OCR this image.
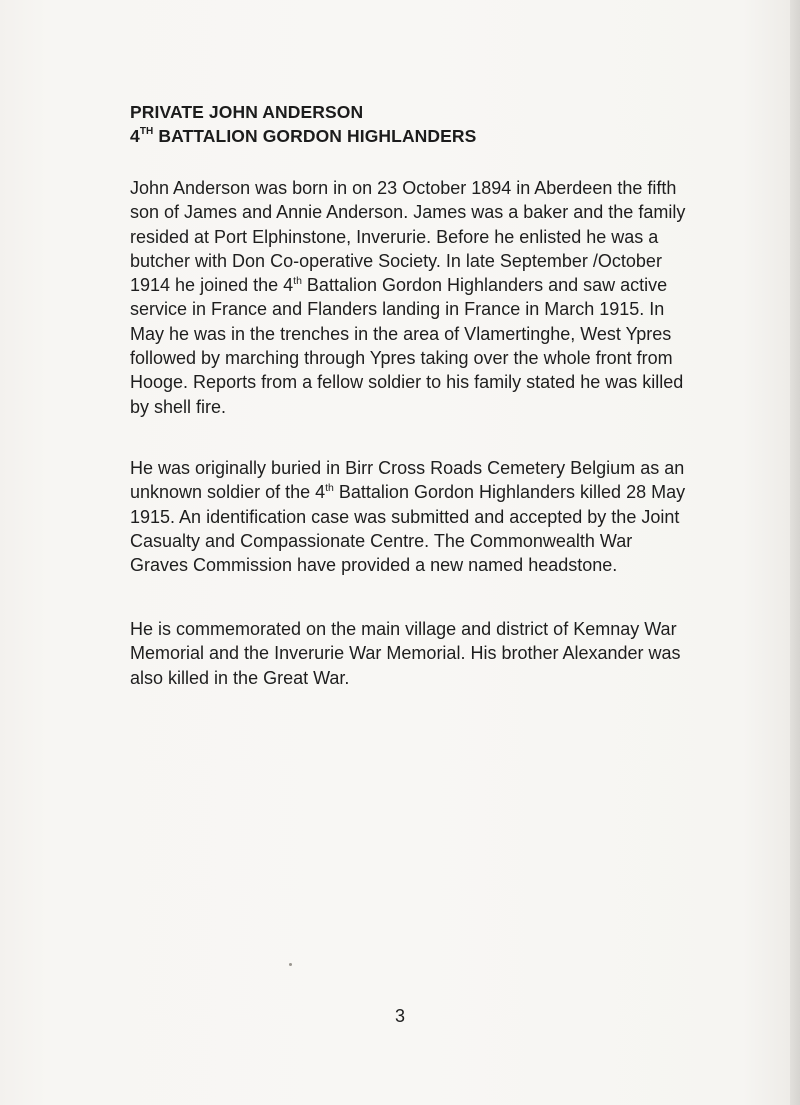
PRIVATE JOHN ANDERSON
4TH BATTALION GORDON HIGHLANDERS

John Anderson was born in on 23 October 1894 in Aberdeen the fifth son of James and Annie Anderson. James was a baker and the family resided at Port Elphinstone, Inverurie. Before he enlisted he was a butcher with Don Co-operative Society. In late September /October 1914 he joined the 4th Battalion Gordon Highlanders and saw active service in France and Flanders landing in France in March 1915. In May he was in the trenches in the area of Vlamertinghe, West Ypres followed by marching through Ypres taking over the whole front from Hooge. Reports from a fellow soldier to his family stated he was killed by shell fire.

He was originally buried in Birr Cross Roads Cemetery Belgium as an unknown soldier of the 4th Battalion Gordon Highlanders killed 28 May 1915. An identification case was submitted and accepted by the Joint Casualty and Compassionate Centre. The Commonwealth War Graves Commission have provided a new named headstone.

He is commemorated on the main village and district of Kemnay War Memorial and the Inverurie War Memorial. His brother Alexander was also killed in the Great War.

3
